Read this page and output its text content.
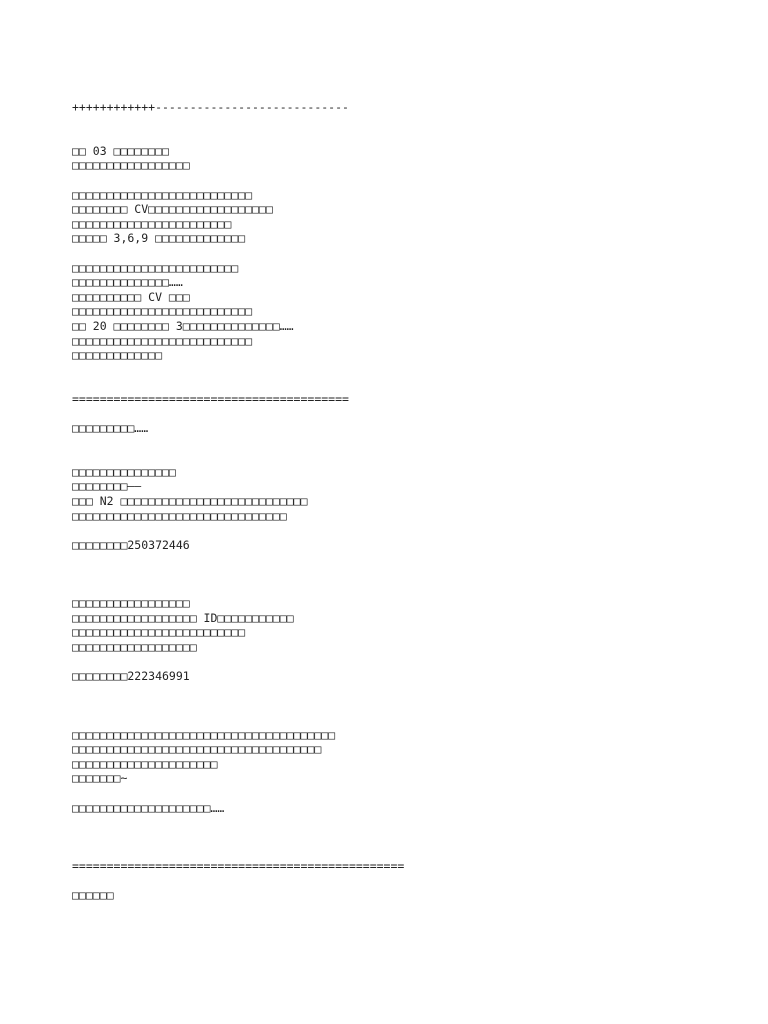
++++++++++++----------------------------
□□ 03 □□□□□□□□
□□□□□□□□□□□□□□□□□
□□□□□□□□□□□□□□□□□□□□□□□□□□
□□□□□□□□ CV□□□□□□□□□□□□□□□□□□
□□□□□□□□□□□□□□□□□□□□□□□
□□□□□ 3,6,9 □□□□□□□□□□□□□
□□□□□□□□□□□□□□□□□□□□□□□□
□□□□□□□□□□□□□□……
□□□□□□□□□□ CV □□□
□□□□□□□□□□□□□□□□□□□□□□□□□□
□□ 20 □□□□□□□□ 3□□□□□□□□□□□□□□……
□□□□□□□□□□□□□□□□□□□□□□□□□□
□□□□□□□□□□□□□
========================================
□□□□□□□□□……
□□□□□□□□□□□□□□□
□□□□□□□□——
□□□ N2 □□□□□□□□□□□□□□□□□□□□□□□□□□□
□□□□□□□□□□□□□□□□□□□□□□□□□□□□□□□
□□□□□□□□250372446
□□□□□□□□□□□□□□□□□
□□□□□□□□□□□□□□□□□□ ID□□□□□□□□□□□
□□□□□□□□□□□□□□□□□□□□□□□□□
□□□□□□□□□□□□□□□□□□
□□□□□□□□222346991
□□□□□□□□□□□□□□□□□□□□□□□□□□□□□□□□□□□□□□
□□□□□□□□□□□□□□□□□□□□□□□□□□□□□□□□□□□□
□□□□□□□□□□□□□□□□□□□□□
□□□□□□□~
□□□□□□□□□□□□□□□□□□□□……
================================================
□□□□□□
